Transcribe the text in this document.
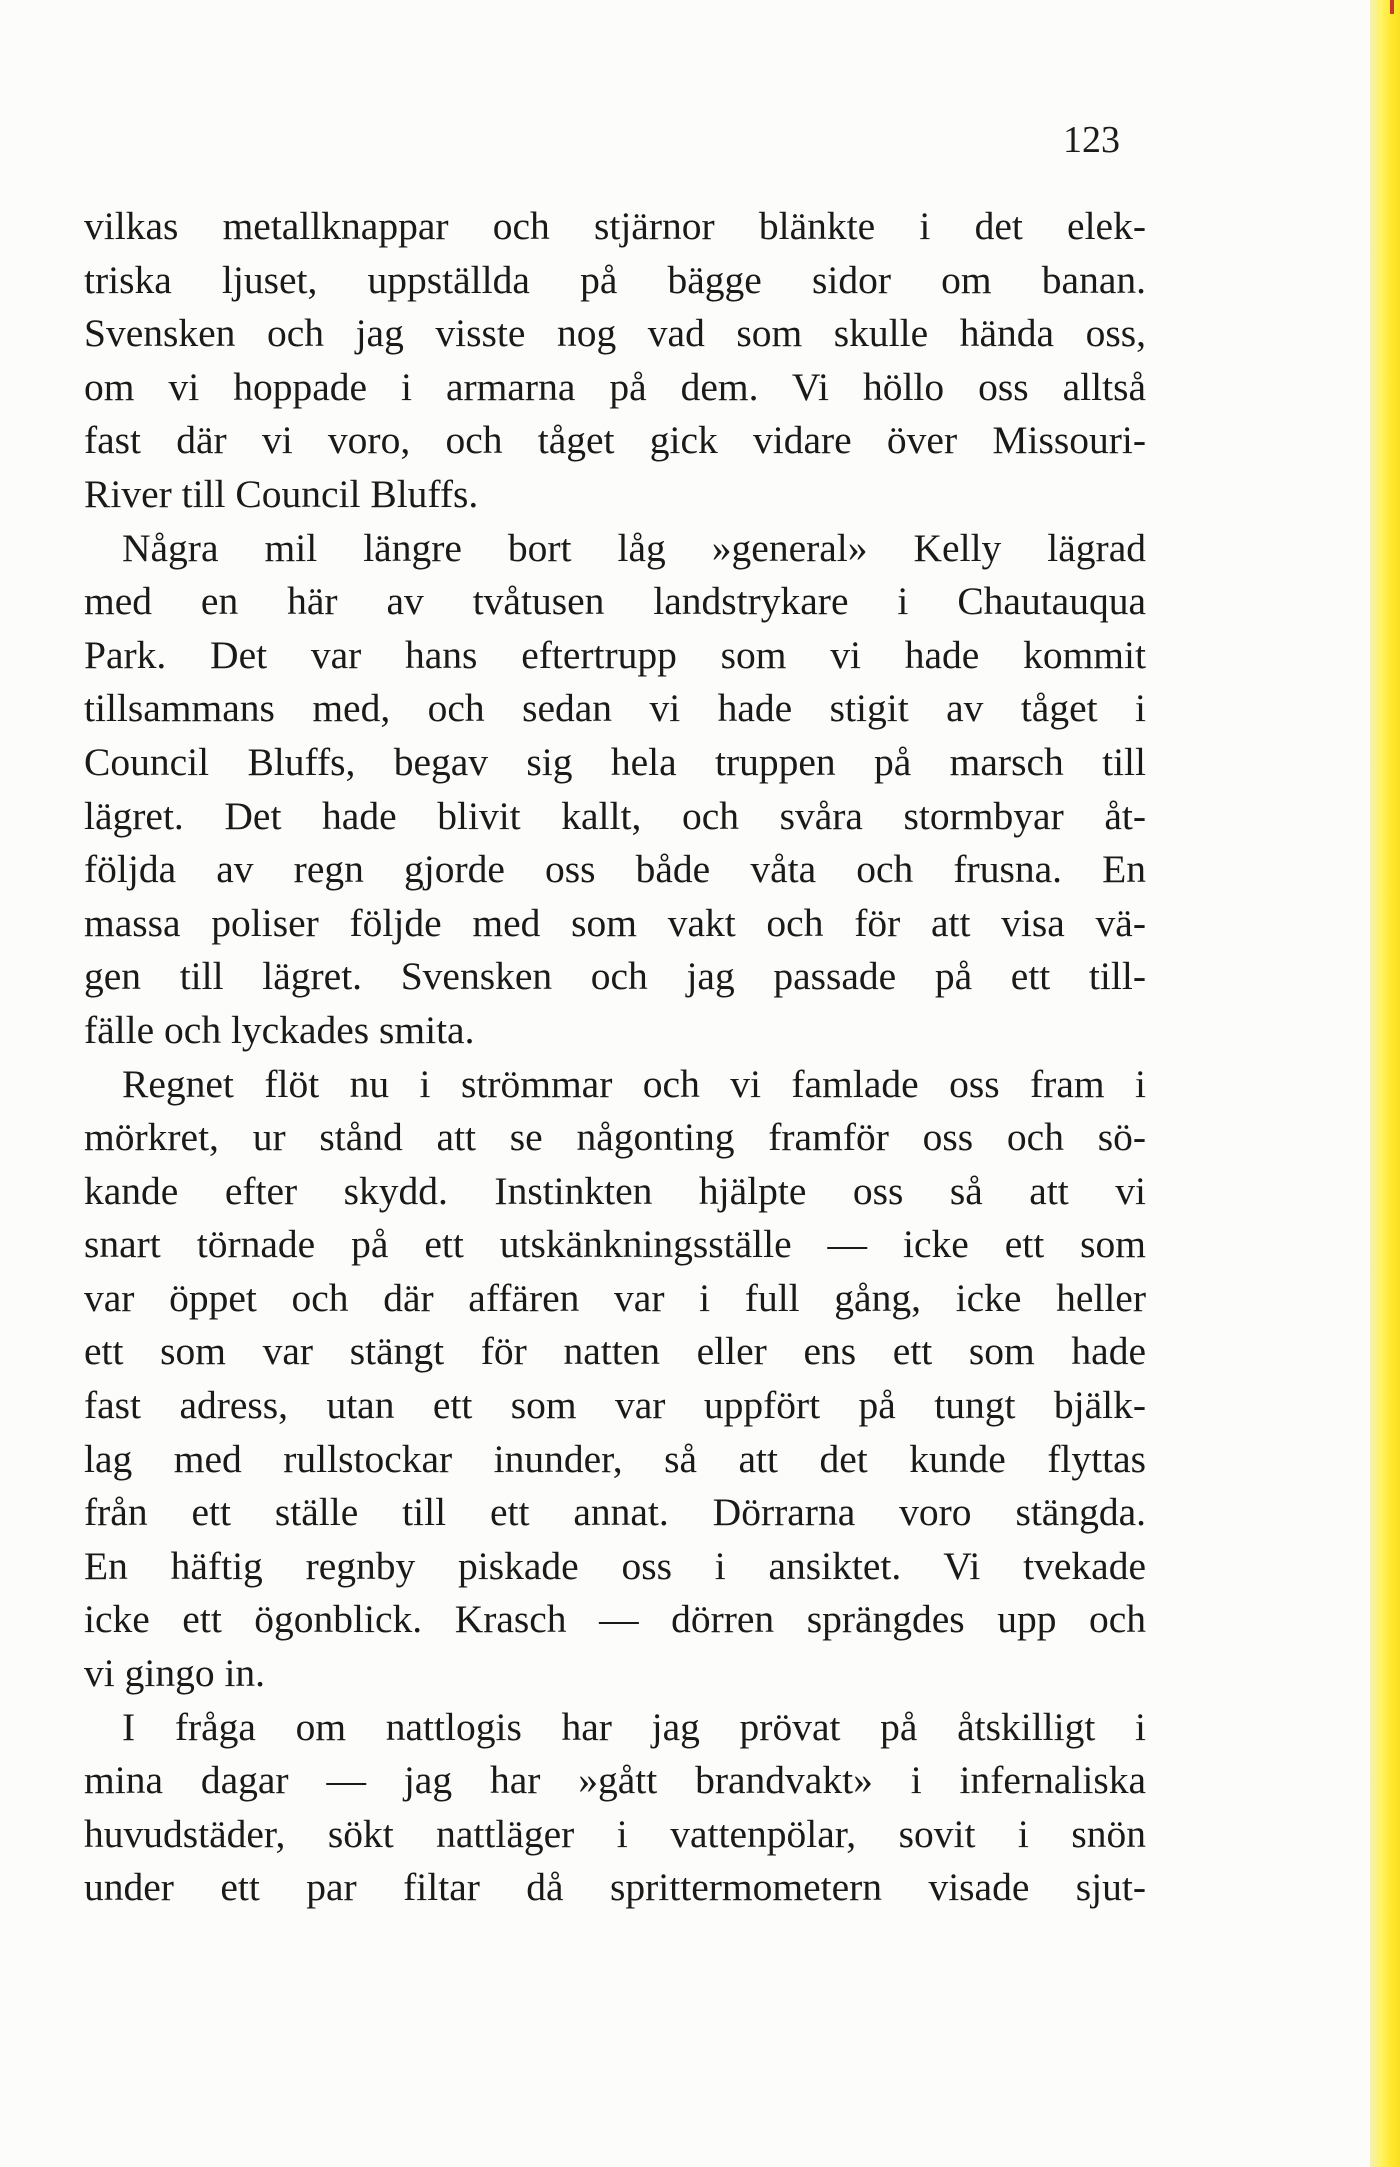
123
vilkas metallknappar och stjärnor blänkte i det elek-
triska ljuset, uppställda på bägge sidor om banan.
Svensken och jag visste nog vad som skulle hända oss,
om vi hoppade i armarna på dem. Vi höllo oss alltså
fast där vi voro, och tåget gick vidare över Missouri-
River till Council Bluffs.
Några mil längre bort låg »general» Kelly lägrad
med en här av tvåtusen landstrykare i Chautauqua
Park. Det var hans eftertrupp som vi hade kommit
tillsammans med, och sedan vi hade stigit av tåget i
Council Bluffs, begav sig hela truppen på marsch till
lägret. Det hade blivit kallt, och svåra stormbyar åt-
följda av regn gjorde oss både våta och frusna. En
massa poliser följde med som vakt och för att visa vä-
gen till lägret. Svensken och jag passade på ett till-
fälle och lyckades smita.
Regnet flöt nu i strömmar och vi famlade oss fram i
mörkret, ur stånd att se någonting framför oss och sö-
kande efter skydd. Instinkten hjälpte oss så att vi
snart törnade på ett utskänkningsställe — icke ett som
var öppet och där affären var i full gång, icke heller
ett som var stängt för natten eller ens ett som hade
fast adress, utan ett som var uppfört på tungt bjälk-
lag med rullstockar inunder, så att det kunde flyttas
från ett ställe till ett annat. Dörrarna voro stängda.
En häftig regnby piskade oss i ansiktet. Vi tvekade
icke ett ögonblick. Krasch — dörren sprängdes upp och
vi gingo in.
I fråga om nattlogis har jag prövat på åtskilligt i
mina dagar — jag har »gått brandvakt» i infernaliska
huvudstäder, sökt nattläger i vattenpölar, sovit i snön
under ett par filtar då sprittermometern visade sjut-
